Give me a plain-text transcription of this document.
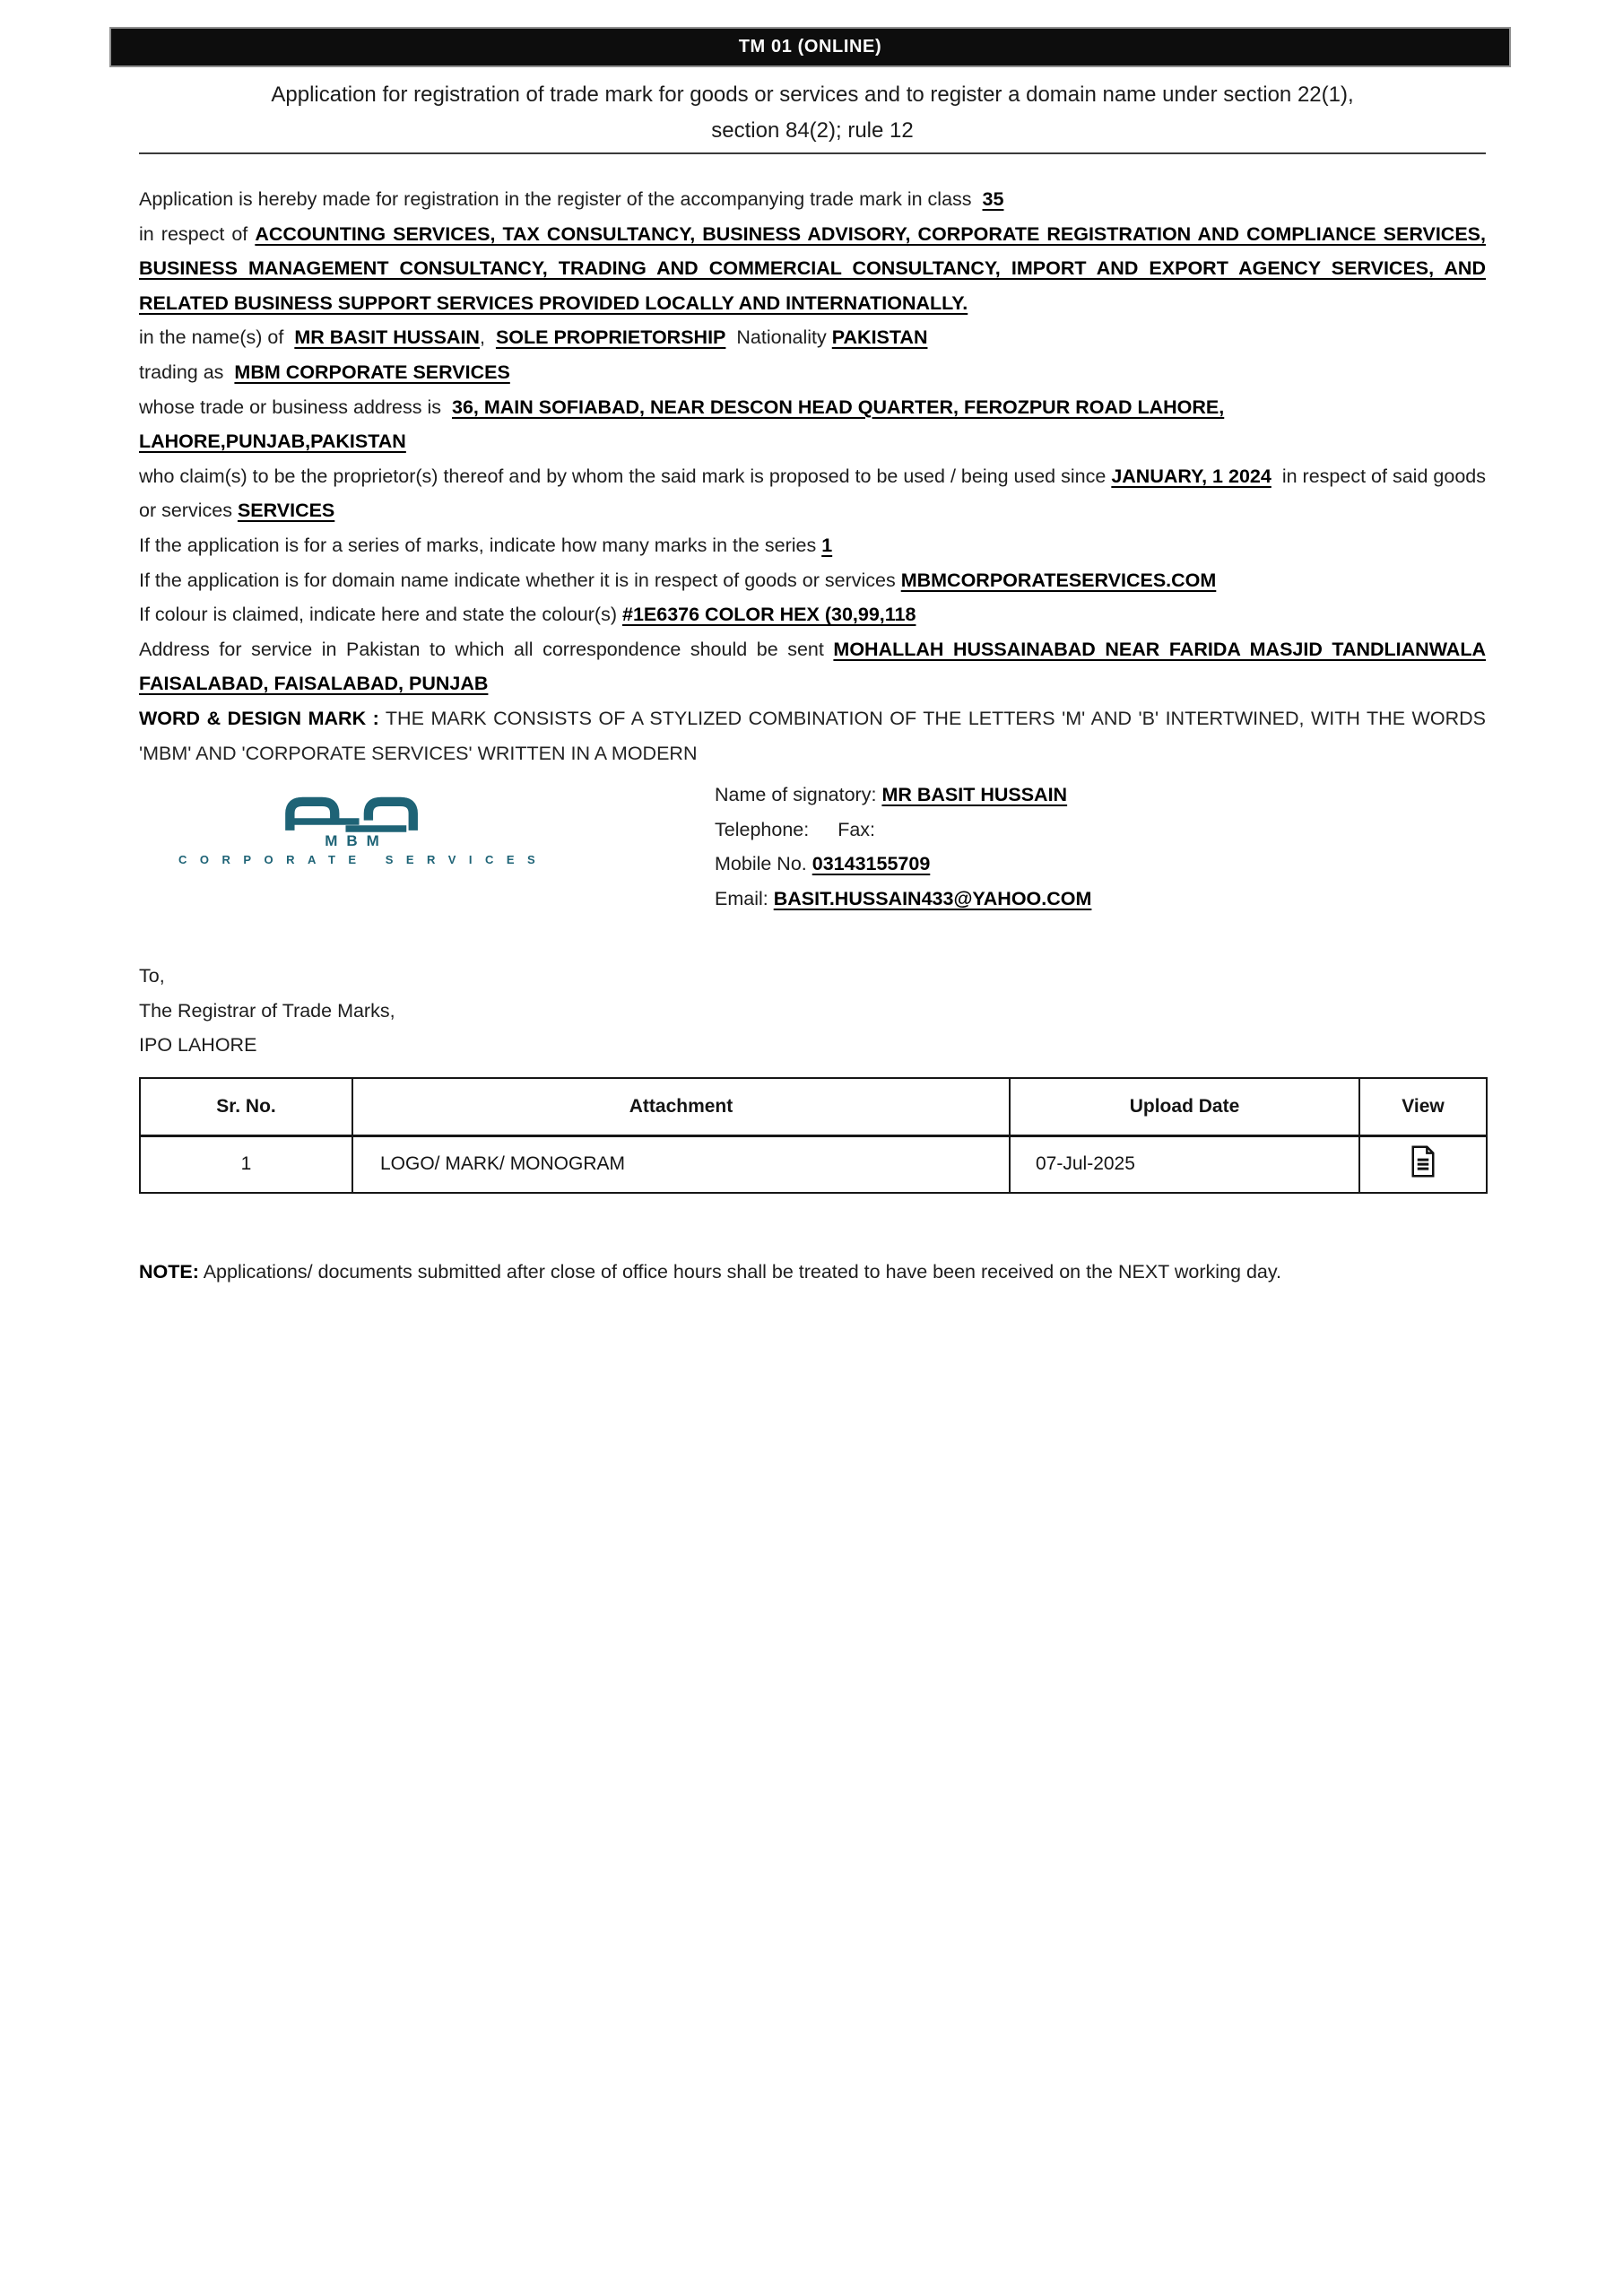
TM 01 (ONLINE)
Application for registration of trade mark for goods or services and to register a domain name under section 22(1),
section 84(2); rule 12

Application is hereby made for registration in the register of the accompanying trade mark in class 35

in respect of ACCOUNTING SERVICES, TAX CONSULTANCY, BUSINESS ADVISORY, CORPORATE REGISTRATION AND COMPLIANCE SERVICES, BUSINESS MANAGEMENT CONSULTANCY, TRADING AND COMMERCIAL CONSULTANCY, IMPORT AND EXPORT AGENCY SERVICES, AND RELATED BUSINESS SUPPORT SERVICES PROVIDED LOCALLY AND INTERNATIONALLY.

in the name(s) of MR BASIT HUSSAIN, SOLE PROPRIETORSHIP Nationality PAKISTAN

trading as MBM CORPORATE SERVICES

whose trade or business address is 36, MAIN SOFIABAD, NEAR DESCON HEAD QUARTER, FEROZPUR ROAD LAHORE, LAHORE,PUNJAB,PAKISTAN

who claim(s) to be the proprietor(s) thereof and by whom the said mark is proposed to be used / being used since JANUARY, 1 2024 in respect of said goods or services SERVICES

If the application is for a series of marks, indicate how many marks in the series 1

If the application is for domain name indicate whether it is in respect of goods or services MBMCORPORATESERVICES.COM

If colour is claimed, indicate here and state the colour(s) #1E6376 COLOR HEX (30,99,118

Address for service in Pakistan to which all correspondence should be sent MOHALLAH HUSSAINABAD NEAR FARIDA MASJID TANDLIANWALA FAISALABAD, FAISALABAD, PUNJAB

WORD & DESIGN MARK : THE MARK CONSISTS OF A STYLIZED COMBINATION OF THE LETTERS 'M' AND 'B' INTERTWINED, WITH THE WORDS 'MBM' AND 'CORPORATE SERVICES' WRITTEN IN A MODERN

MBM
CORPORATE SERVICES

Name of signatory: MR BASIT HUSSAIN

Telephone: Fax:

Mobile No. 03143155709

Email: BASIT.HUSSAIN433@YAHOO.COM

To,

The Registrar of Trade Marks,

IPO LAHORE

Sr. No.	Attachment	Upload Date	View
1	LOGO/ MARK/ MONOGRAM	07-Jul-2025	

NOTE: Applications/ documents submitted after close of office hours shall be treated to have been received on the NEXT working day.
